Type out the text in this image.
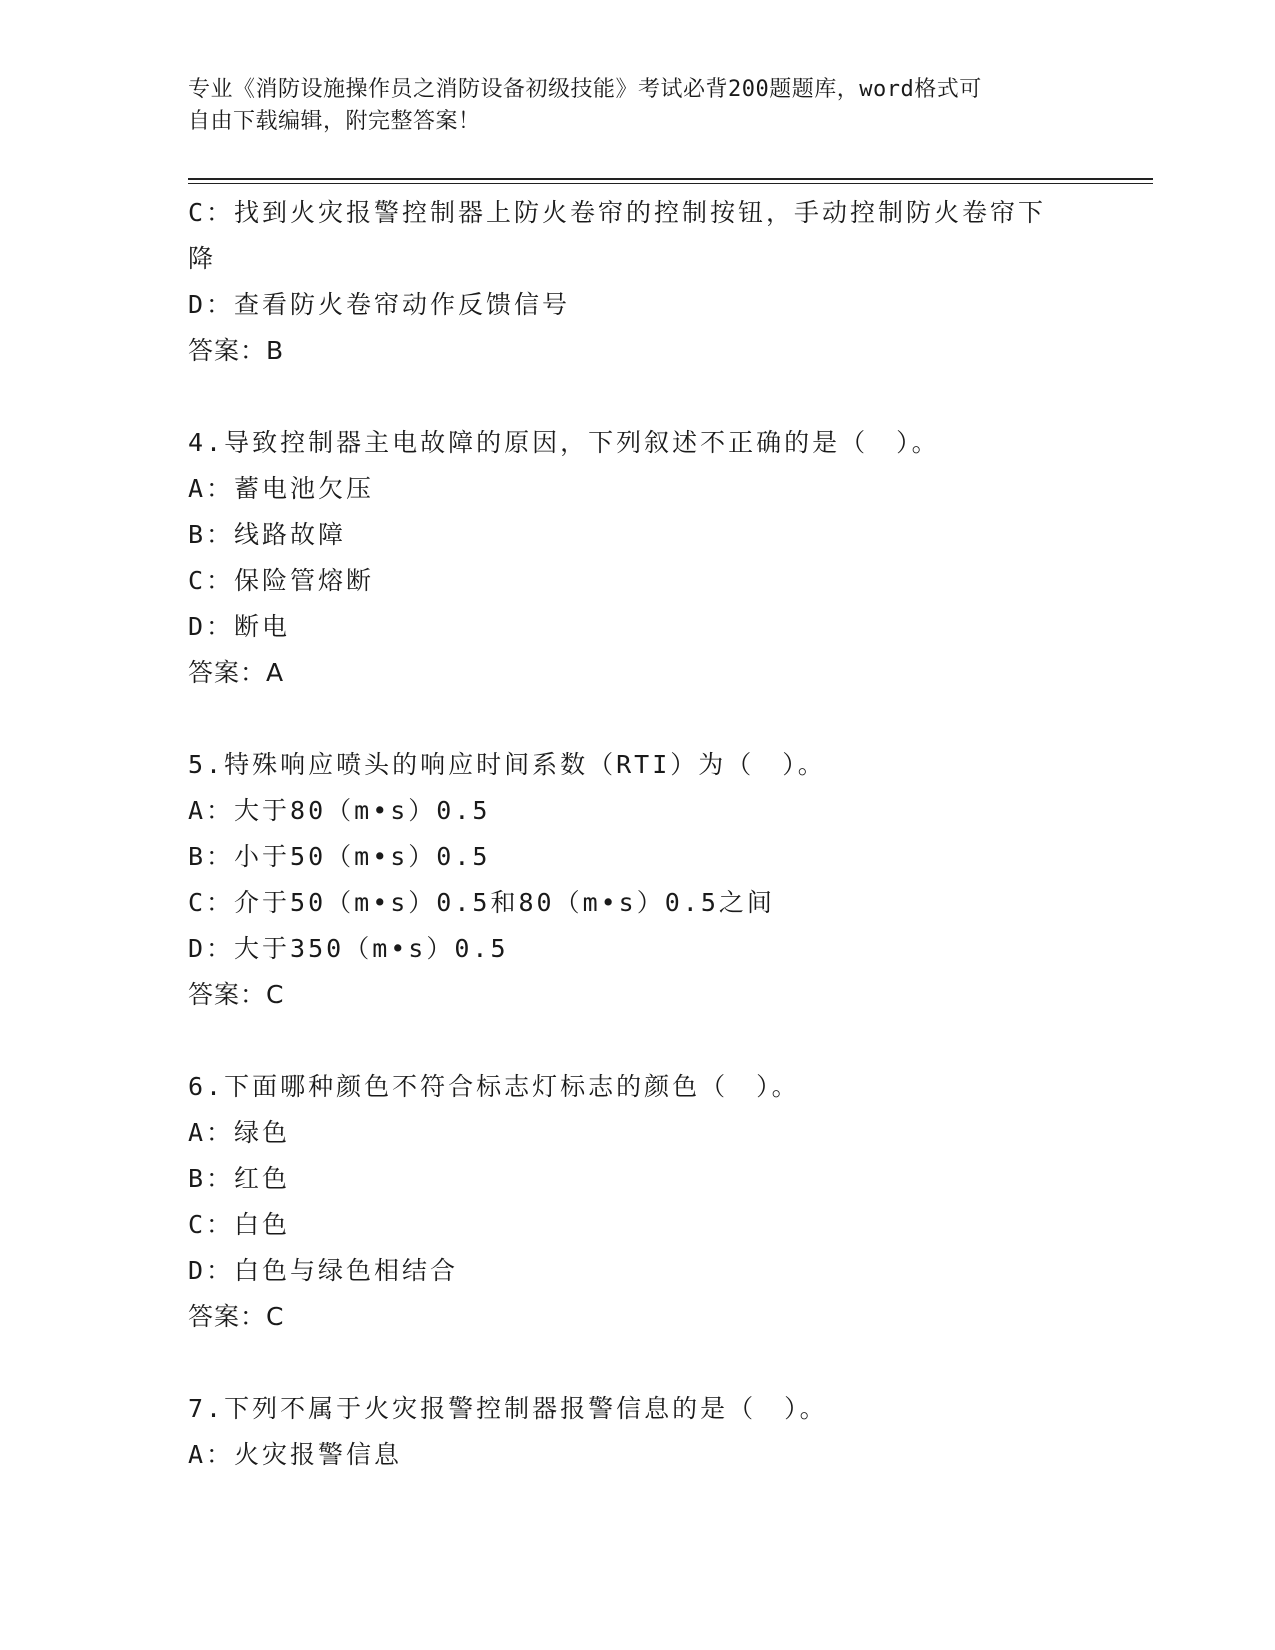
专业《消防设施操作员之消防设备初级技能》考试必背200题题库，word格式可
自由下载编辑，附完整答案！
C：找到火灾报警控制器上防火卷帘的控制按钮，手动控制防火卷帘下
降
D：查看防火卷帘动作反馈信号
答案：B
4.导致控制器主电故障的原因，下列叙述不正确的是（　）。
A：蓄电池欠压
B：线路故障
C：保险管熔断
D：断电
答案：A
5.特殊响应喷头的响应时间系数（RTI）为（　）。
A：大于80（m•s）0.5
B：小于50（m•s）0.5
C：介于50（m•s）0.5和80（m•s）0.5之间
D：大于350（m•s）0.5
答案：C
6.下面哪种颜色不符合标志灯标志的颜色（　）。
A：绿色
B：红色
C：白色
D：白色与绿色相结合
答案：C
7.下列不属于火灾报警控制器报警信息的是（　）。
A：火灾报警信息
